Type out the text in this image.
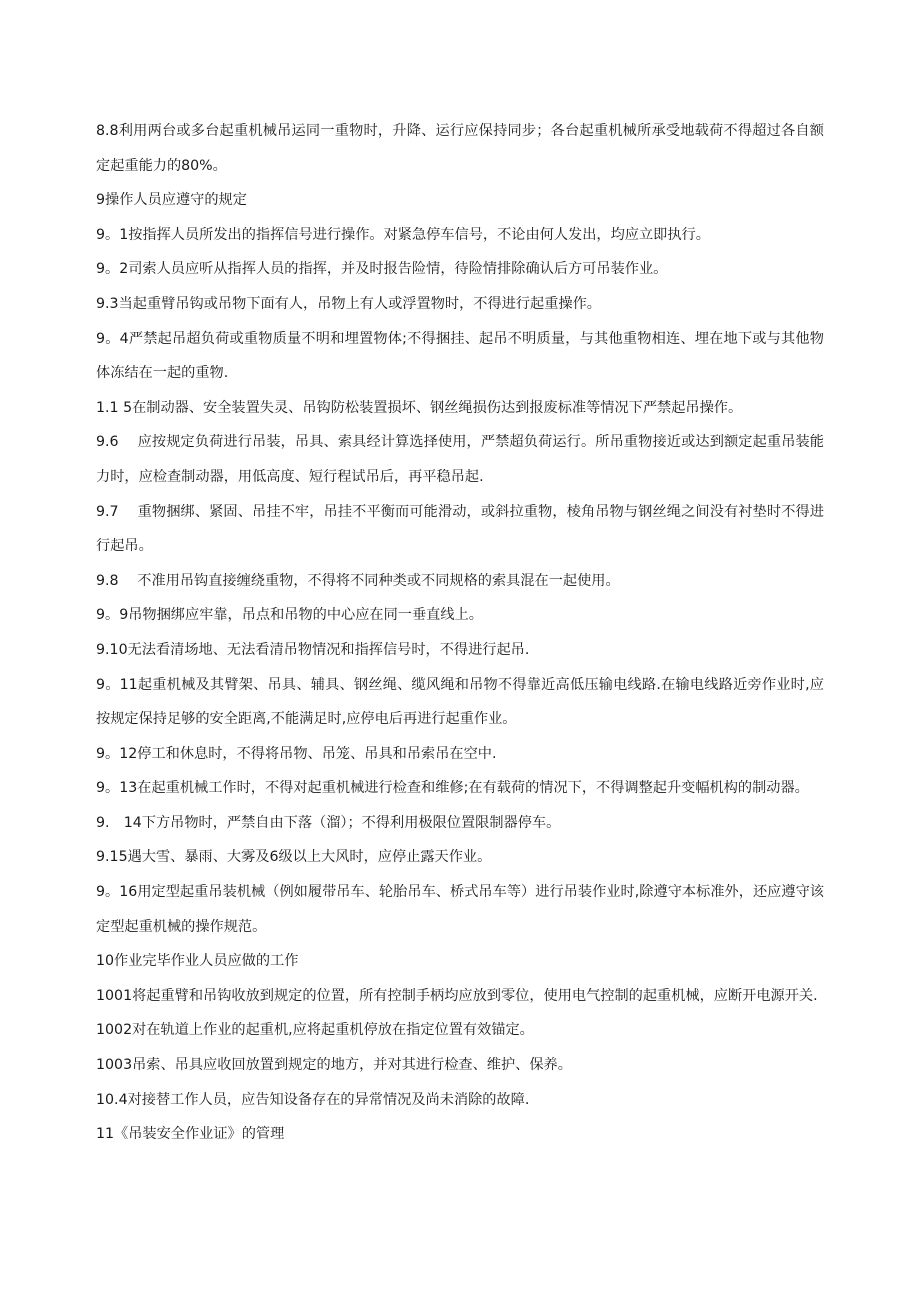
8.8利用两台或多台起重机械吊运同一重物时，升降、运行应保持同步；各台起重机械所承受地载荷不得超过各自额定起重能力的80%。

9操作人员应遵守的规定

9。1按指挥人员所发出的指挥信号进行操作。对紧急停车信号，不论由何人发出，均应立即执行。

9。2司索人员应听从指挥人员的指挥，并及时报告险情，待险情排除确认后方可吊装作业。

9.3当起重臂吊钩或吊物下面有人，吊物上有人或浮置物时，不得进行起重操作。

9。4严禁起吊超负荷或重物质量不明和埋置物体;不得捆挂、起吊不明质量，与其他重物相连、埋在地下或与其他物体冻结在一起的重物.

1.1 5在制动器、安全装置失灵、吊钩防松装置损坏、钢丝绳损伤达到报废标准等情况下严禁起吊操作。

9.6　 应按规定负荷进行吊装，吊具、索具经计算选择使用，严禁超负荷运行。所吊重物接近或达到额定起重吊装能力时，应检查制动器，用低高度、短行程试吊后，再平稳吊起.

9.7　 重物捆绑、紧固、吊挂不牢，吊挂不平衡而可能滑动，或斜拉重物，棱角吊物与钢丝绳之间没有衬垫时不得进行起吊。

9.8　 不准用吊钩直接缠绕重物，不得将不同种类或不同规格的索具混在一起使用。

9。9吊物捆绑应牢靠，吊点和吊物的中心应在同一垂直线上。

9.10无法看清场地、无法看清吊物情况和指挥信号时，不得进行起吊.

9。11起重机械及其臂架、吊具、辅具、钢丝绳、缆风绳和吊物不得靠近高低压输电线路.在输电线路近旁作业时,应按规定保持足够的安全距离,不能满足时,应停电后再进行起重作业。

9。12停工和休息时，不得将吊物、吊笼、吊具和吊索吊在空中.

9。13在起重机械工作时，不得对起重机械进行检查和维修;在有载荷的情况下，不得调整起升变幅机构的制动器。

9.　14下方吊物时，严禁自由下落（溜）；不得利用极限位置限制器停车。

9.15遇大雪、暴雨、大雾及6级以上大风时，应停止露天作业。

9。16用定型起重吊装机械（例如履带吊车、轮胎吊车、桥式吊车等）进行吊装作业时,除遵守本标准外，还应遵守该定型起重机械的操作规范。

10作业完毕作业人员应做的工作

1001将起重臂和吊钩收放到规定的位置，所有控制手柄均应放到零位，使用电气控制的起重机械，应断开电源开关.

1002对在轨道上作业的起重机,应将起重机停放在指定位置有效锚定。

1003吊索、吊具应收回放置到规定的地方，并对其进行检查、维护、保养。

10.4对接替工作人员，应告知设备存在的异常情况及尚未消除的故障.

11《吊装安全作业证》的管理
